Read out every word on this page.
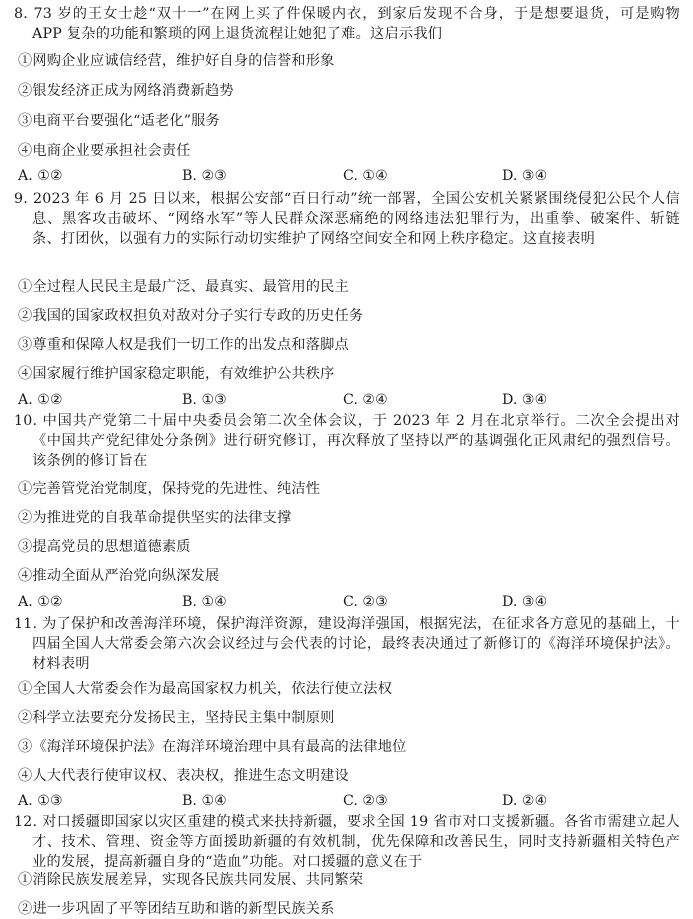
8. 73 岁的王女士趁“双十一”在网上买了件保暖内衣，到家后发现不合身，于是想要退货，可是购物 APP 复杂的功能和繁琐的网上退货流程让她犯了难。这启示我们

①网购企业应诚信经营，维护好自身的信誉和形象
②银发经济正成为网络消费新趋势
③电商平台要强化“适老化”服务
④电商企业要承担社会责任
A. ①②	B. ②③	C. ①④	D. ③④

9. 2023 年 6 月 25 日以来，根据公安部“百日行动”统一部署，全国公安机关紧紧围绕侵犯公民个人信息、黑客攻击破坏、“网络水军”等人民群众深恶痛绝的网络违法犯罪行为，出重拳、破案件、斩链条、打团伙，以强有力的实际行动切实维护了网络空间安全和网上秩序稳定。这直接表明

①全过程人民民主是最广泛、最真实、最管用的民主
②我国的国家政权担负对敌对分子实行专政的历史任务
③尊重和保障人权是我们一切工作的出发点和落脚点
④国家履行维护国家稳定职能，有效维护公共秩序
A. ①②	B. ①③	C. ②④	D. ③④

10. 中国共产党第二十届中央委员会第二次全体会议，于 2023 年 2 月在北京举行。二次全会提出对《中国共产党纪律处分条例》进行研究修订，再次释放了坚持以严的基调强化正风肃纪的强烈信号。该条例的修订旨在

①完善管党治党制度，保持党的先进性、纯洁性
②为推进党的自我革命提供坚实的法律支撑
③提高党员的思想道德素质
④推动全面从严治党向纵深发展
A. ①②	B. ①④	C. ②③	D. ③④

11. 为了保护和改善海洋环境，保护海洋资源，建设海洋强国，根据宪法，在征求各方意见的基础上，十四届全国人大常委会第六次会议经过与会代表的讨论，最终表决通过了新修订的《海洋环境保护法》。材料表明

①全国人大常委会作为最高国家权力机关，依法行使立法权
②科学立法要充分发扬民主，坚持民主集中制原则
③《海洋环境保护法》在海洋环境治理中具有最高的法律地位
④人大代表行使审议权、表决权，推进生态文明建设
A. ①③	B. ①④	C. ②③	D. ②④

12. 对口援疆即国家以灾区重建的模式来扶持新疆，要求全国 19 省市对口支援新疆。各省市需建立起人才、技术、管理、资金等方面援助新疆的有效机制，优先保障和改善民生，同时支持新疆相关特色产业的发展，提高新疆自身的“造血”功能。对口援疆的意义在于

①消除民族发展差异，实现各民族共同发展、共同繁荣
②进一步巩固了平等团结互助和谐的新型民族关系
